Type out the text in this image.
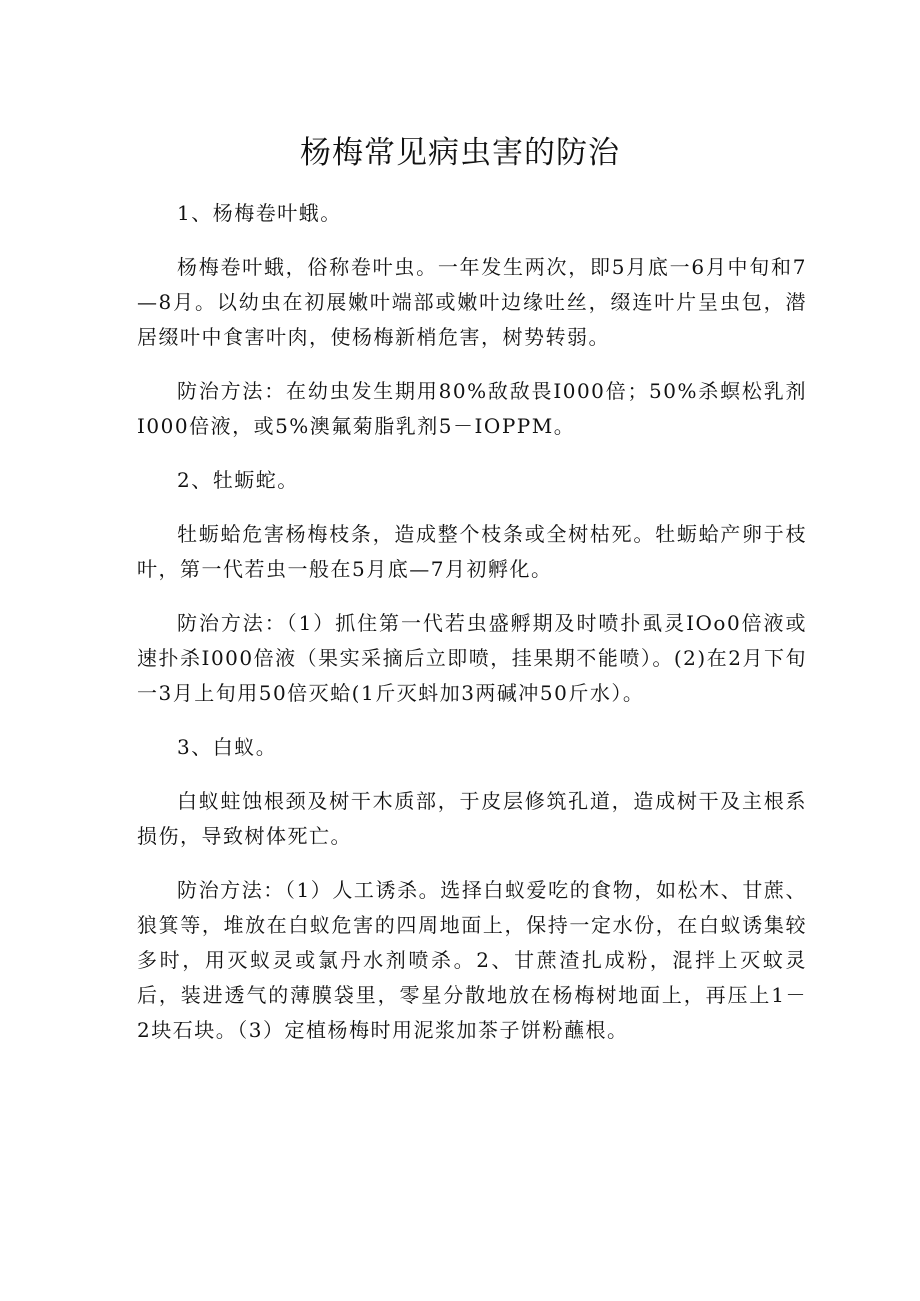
杨梅常见病虫害的防治

1、杨梅卷叶蛾。

杨梅卷叶蛾，俗称卷叶虫。一年发生两次，即5月底一6月中旬和7—8月。以幼虫在初展嫩叶端部或嫩叶边缘吐丝，缀连叶片呈虫包，潜居缀叶中食害叶肉，使杨梅新梢危害，树势转弱。

防治方法：在幼虫发生期用80%敌敌畏I000倍；50%杀螟松乳剂I000倍液，或5%澳氟菊脂乳剂5－IOPPM。

2、牡蛎蛇。

牡蛎蛤危害杨梅枝条，造成整个枝条或全树枯死。牡蛎蛤产卵于枝叶，第一代若虫一般在5月底—7月初孵化。

防治方法：（1）抓住第一代若虫盛孵期及时喷扑虱灵IOo0倍液或速扑杀I000倍液（果实采摘后立即喷，挂果期不能喷）。(2)在2月下旬一3月上旬用50倍灭蛤(1斤灭蚪加3两碱冲50斤水）。

3、白蚁。

白蚁蛀蚀根颈及树干木质部，于皮层修筑孔道，造成树干及主根系损伤，导致树体死亡。

防治方法：（1）人工诱杀。选择白蚁爱吃的食物，如松木、甘蔗、狼箕等，堆放在白蚁危害的四周地面上，保持一定水份，在白蚁诱集较多时，用灭蚁灵或氯丹水剂喷杀。2、甘蔗渣扎成粉，混拌上灭蚊灵后，装进透气的薄膜袋里，零星分散地放在杨梅树地面上，再压上1－2块石块。（3）定植杨梅时用泥浆加茶子饼粉蘸根。
